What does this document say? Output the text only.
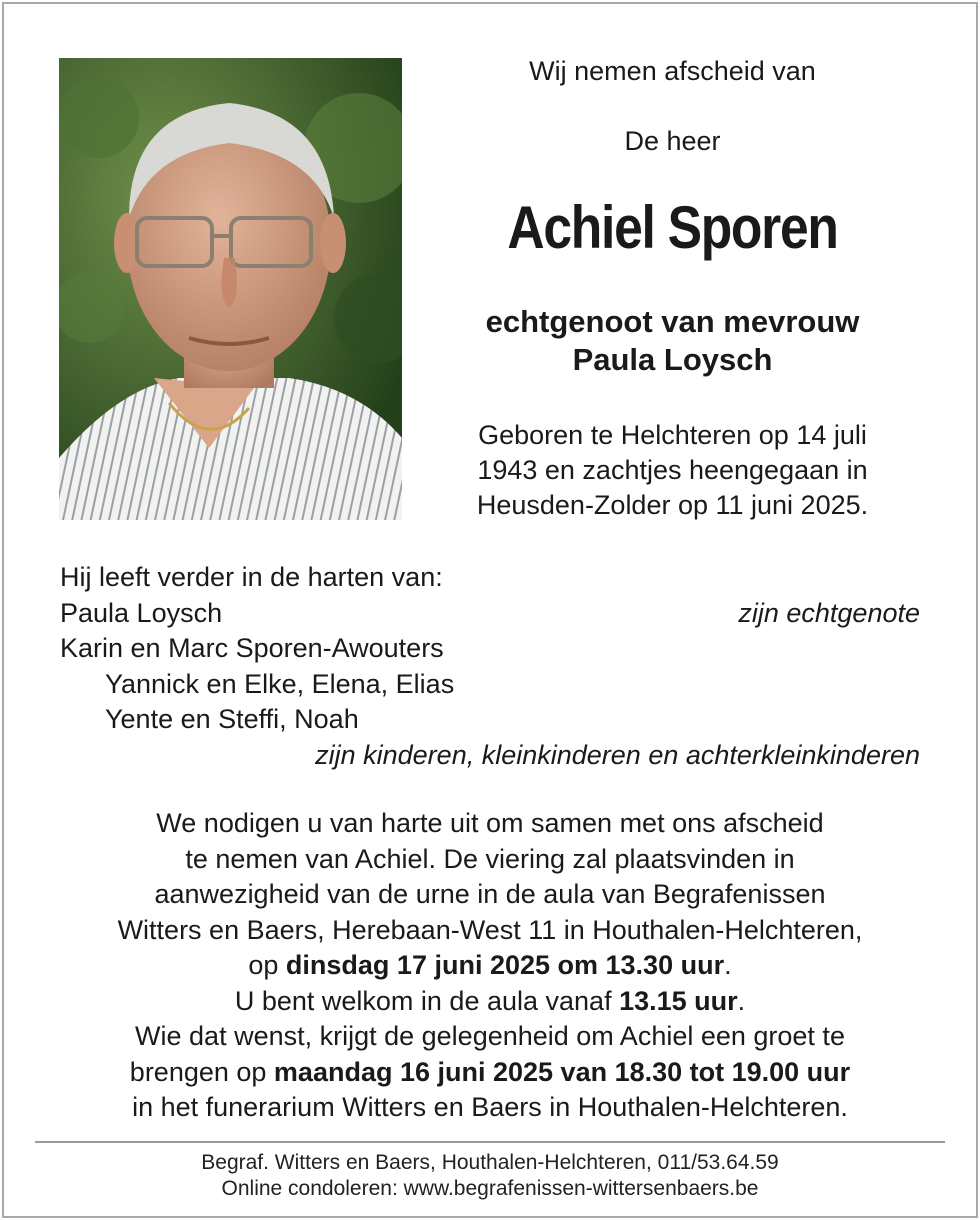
Wij nemen afscheid van
De heer
Achiel Sporen
echtgenoot van mevrouw
Paula Loysch
Geboren te Helchteren op 14 juli
1943 en zachtjes heengegaan in
Heusden-Zolder op 11 juni 2025.
Hij leeft verder in de harten van:
Paula Loysch	zijn echtgenote
Karin en Marc Sporen-Awouters
Yannick en Elke, Elena, Elias
Yente en Steffi, Noah
zijn kinderen, kleinkinderen en achterkleinkinderen
We nodigen u van harte uit om samen met ons afscheid
te nemen van Achiel. De viering zal plaatsvinden in
aanwezigheid van de urne in de aula van Begrafenissen
Witters en Baers, Herebaan-West 11 in Houthalen-Helchteren,
op dinsdag 17 juni 2025 om 13.30 uur.
U bent welkom in de aula vanaf 13.15 uur.
Wie dat wenst, krijgt de gelegenheid om Achiel een groet te
brengen op maandag 16 juni 2025 van 18.30 tot 19.00 uur
in het funerarium Witters en Baers in Houthalen-Helchteren.
Begraf. Witters en Baers, Houthalen-Helchteren, 011/53.64.59
Online condoleren: www.begrafenissen-wittersenbaers.be
